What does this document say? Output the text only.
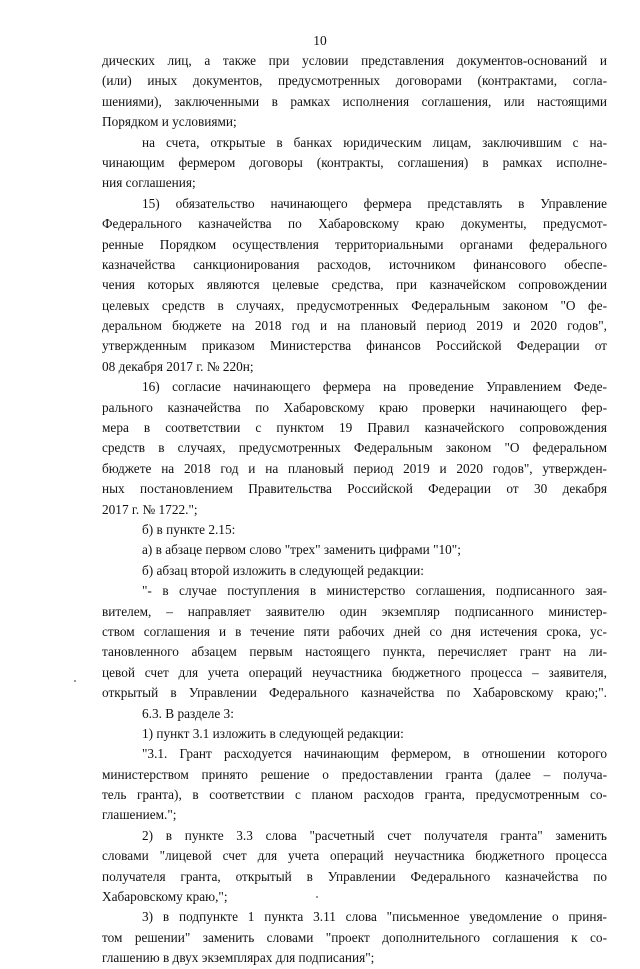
10

дических лиц, а также при условии представления документов-оснований и

(или) иных документов, предусмотренных договорами (контрактами, согла-

шениями), заключенными в рамках исполнения соглашения, или настоящими

Порядком и условиями;

на счета, открытые в банках юридическим лицам, заключившим с на-

чинающим фермером договоры (контракты, соглашения) в рамках исполне-

ния соглашения;

15) обязательство начинающего фермера представлять в Управление

Федерального казначейства по Хабаровскому краю документы, предусмот-

ренные Порядком осуществления территориальными органами федерального

казначейства санкционирования расходов, источником финансового обеспе-

чения которых являются целевые средства, при казначейском сопровождении

целевых средств в случаях, предусмотренных Федеральным законом "О фе-

деральном бюджете на 2018 год и на плановый период 2019 и 2020 годов",

утвержденным приказом Министерства финансов Российской Федерации от

08 декабря 2017 г. № 220н;

16) согласие начинающего фермера на проведение Управлением Феде-

рального казначейства по Хабаровскому краю проверки начинающего фер-

мера в соответствии с пунктом 19 Правил казначейского сопровождения

средств в случаях, предусмотренных Федеральным законом "О федеральном

бюджете на 2018 год и на плановый период 2019 и 2020 годов", утвержден-

ных постановлением Правительства Российской Федерации от 30 декабря

2017 г. № 1722.";

б) в пункте 2.15:

а) в абзаце первом слово "трех" заменить цифрами "10";

б) абзац второй изложить в следующей редакции:

"- в случае поступления в министерство соглашения, подписанного зая-

вителем, – направляет заявителю один экземпляр подписанного министер-

ством соглашения и в течение пяти рабочих дней со дня истечения срока, ус-

тановленного абзацем первым настоящего пункта, перечисляет грант на ли-

цевой счет для учета операций неучастника бюджетного процесса – заявителя,

открытый в Управлении Федерального казначейства по Хабаровскому краю;".

6.3. В разделе 3:

1) пункт 3.1 изложить в следующей редакции:

"3.1. Грант расходуется начинающим фермером, в отношении которого

министерством принято решение о предоставлении гранта (далее – получа-

тель гранта), в соответствии с планом расходов гранта, предусмотренным со-

глашением.";

2) в пункте 3.3 слова "расчетный счет получателя гранта" заменить

словами "лицевой счет для учета операций неучастника бюджетного процесса

получателя гранта, открытый в Управлении Федерального казначейства по

Хабаровскому краю,";

3) в подпункте 1 пункта 3.11 слова "письменное уведомление о приня-

том решении" заменить словами "проект дополнительного соглашения к со-

глашению в двух экземплярах для подписания";
